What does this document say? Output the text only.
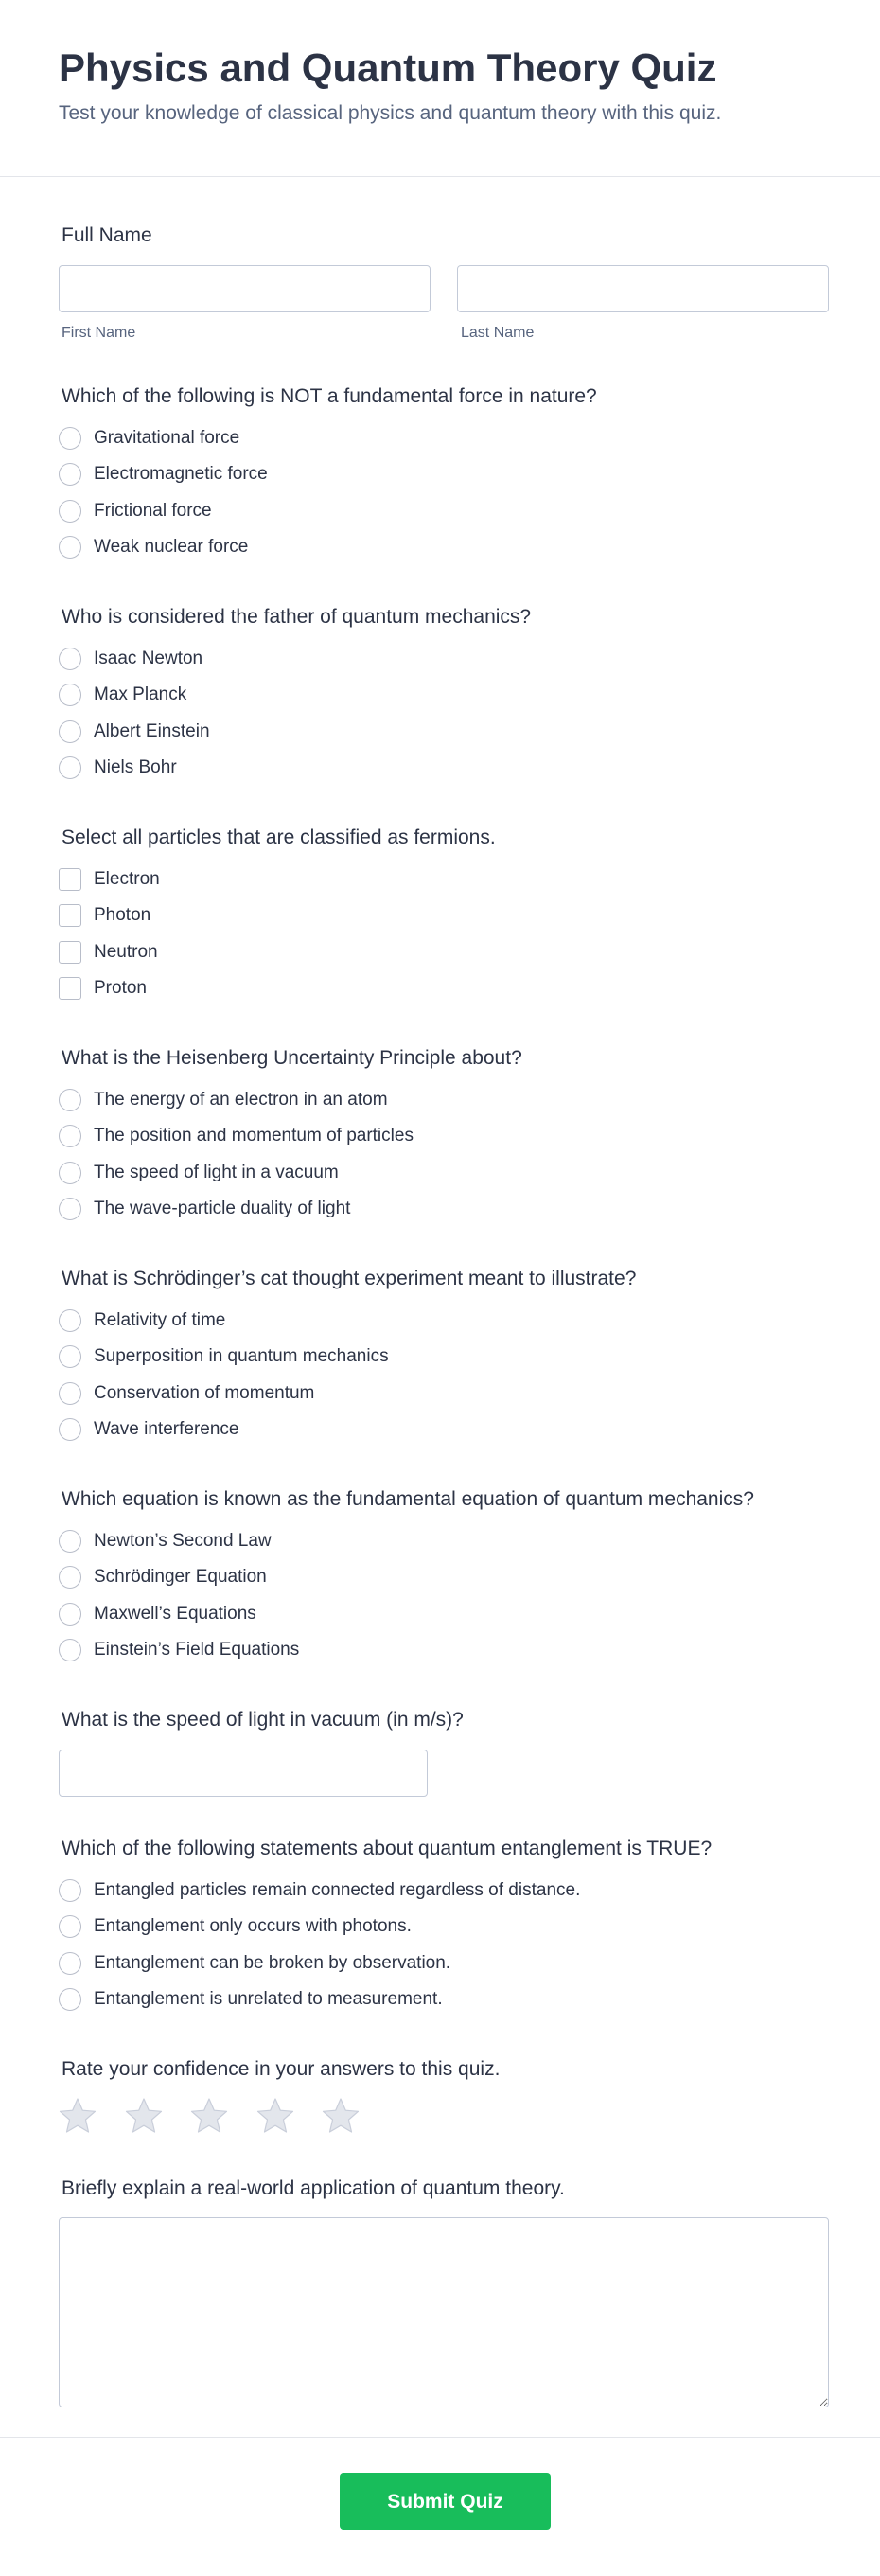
Physics and Quantum Theory Quiz

Test your knowledge of classical physics and quantum theory with this quiz.

Full Name
First Name	Last Name
Which of the following is NOT a fundamental force in nature?
Gravitational force
Electromagnetic force
Frictional force
Weak nuclear force
Who is considered the father of quantum mechanics?
Isaac Newton
Max Planck
Albert Einstein
Niels Bohr
Select all particles that are classified as fermions.
Electron
Photon
Neutron
Proton
What is the Heisenberg Uncertainty Principle about?
The energy of an electron in an atom
The position and momentum of particles
The speed of light in a vacuum
The wave-particle duality of light
What is Schrödinger’s cat thought experiment meant to illustrate?
Relativity of time
Superposition in quantum mechanics
Conservation of momentum
Wave interference
Which equation is known as the fundamental equation of quantum mechanics?
Newton’s Second Law
Schrödinger Equation
Maxwell’s Equations
Einstein’s Field Equations
What is the speed of light in vacuum (in m/s)?
Which of the following statements about quantum entanglement is TRUE?
Entangled particles remain connected regardless of distance.
Entanglement only occurs with photons.
Entanglement can be broken by observation.
Entanglement is unrelated to measurement.
Rate your confidence in your answers to this quiz.
Briefly explain a real-world application of quantum theory.
Submit Quiz
